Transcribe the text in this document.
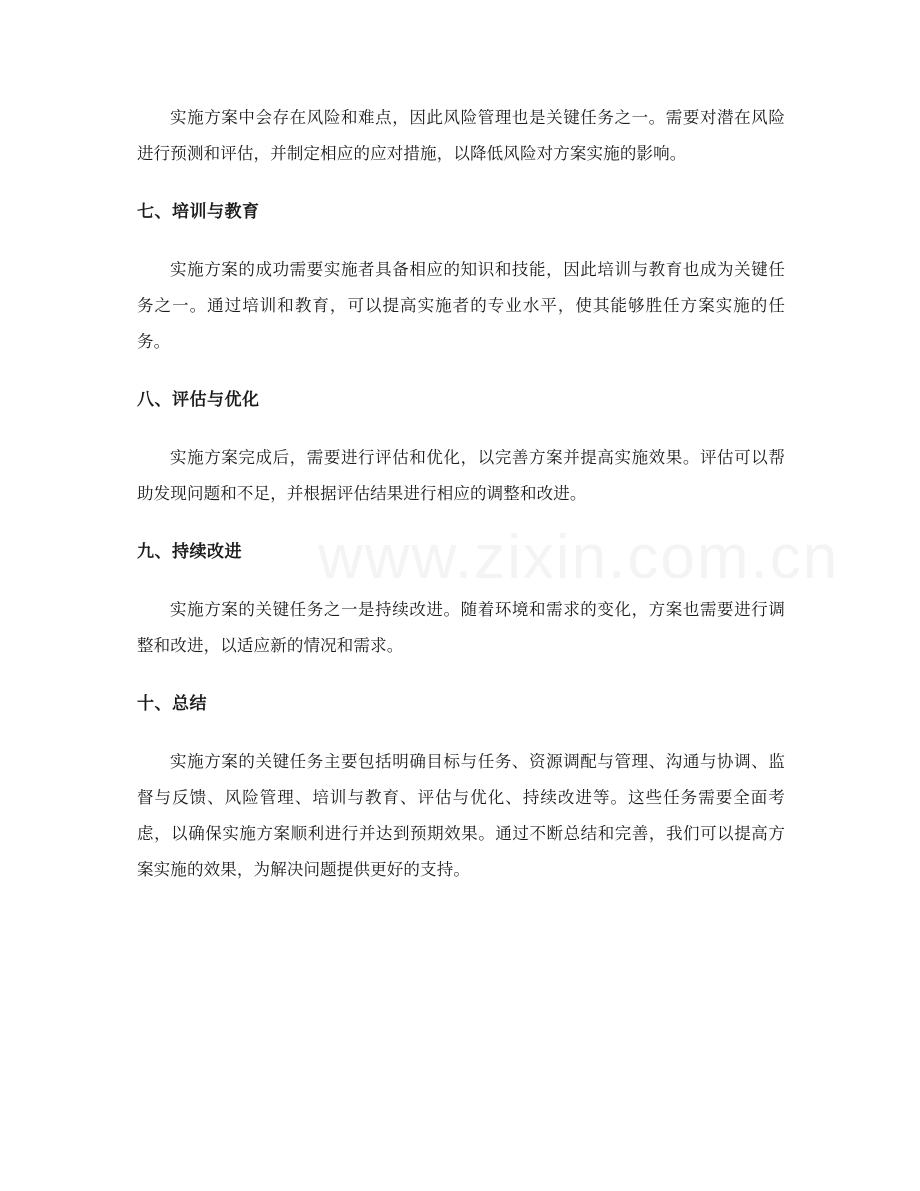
实施方案中会存在风险和难点，因此风险管理也是关键任务之一。需要对潜在风险进行预测和评估，并制定相应的应对措施，以降低风险对方案实施的影响。

七、培训与教育

实施方案的成功需要实施者具备相应的知识和技能，因此培训与教育也成为关键任务之一。通过培训和教育，可以提高实施者的专业水平，使其能够胜任方案实施的任务。

八、评估与优化

实施方案完成后，需要进行评估和优化，以完善方案并提高实施效果。评估可以帮助发现问题和不足，并根据评估结果进行相应的调整和改进。

九、持续改进

实施方案的关键任务之一是持续改进。随着环境和需求的变化，方案也需要进行调整和改进，以适应新的情况和需求。

十、总结

实施方案的关键任务主要包括明确目标与任务、资源调配与管理、沟通与协调、监督与反馈、风险管理、培训与教育、评估与优化、持续改进等。这些任务需要全面考虑，以确保实施方案顺利进行并达到预期效果。通过不断总结和完善，我们可以提高方案实施的效果，为解决问题提供更好的支持。

www.zixin.com.cn
